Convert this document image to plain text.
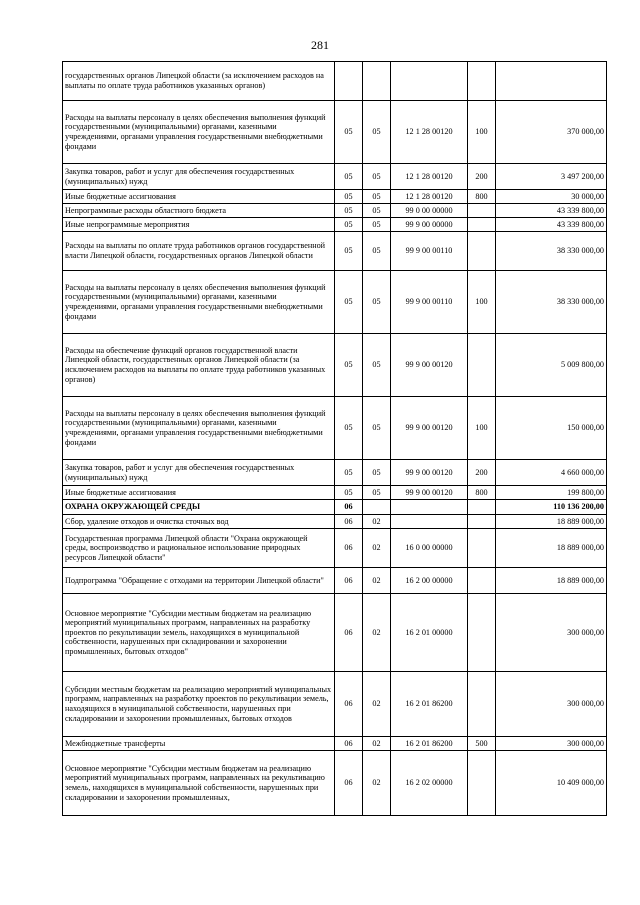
281
государственных органов Липецкой области (за исключением расходов на выплаты по оплате труда работников указанных органов)					
Расходы на выплаты персоналу в целях обеспечения выполнения функций государственными (муниципальными) органами, казенными учреждениями, органами управления государственными внебюджетными фондами	05	05	12 1 28 00120	100	370 000,00
Закупка товаров, работ и услуг для обеспечения государственных (муниципальных) нужд	05	05	12 1 28 00120	200	3 497 200,00
Иные бюджетные ассигнования	05	05	12 1 28 00120	800	30 000,00
Непрограммные расходы областного бюджета	05	05	99 0 00 00000		43 339 800,00
Иные непрограммные мероприятия	05	05	99 9 00 00000		43 339 800,00
Расходы на выплаты по оплате труда работников органов государственной власти Липецкой области, государственных органов Липецкой области	05	05	99 9 00 00110		38 330 000,00
Расходы на выплаты персоналу в целях обеспечения выполнения функций государственными (муниципальными) органами, казенными учреждениями, органами управления государственными внебюджетными фондами	05	05	99 9 00 00110	100	38 330 000,00
Расходы на обеспечение функций органов государственной власти Липецкой области, государственных органов Липецкой области (за исключением расходов на выплаты по оплате труда работников указанных органов)	05	05	99 9 00 00120		5 009 800,00
Расходы на выплаты персоналу в целях обеспечения выполнения функций государственными (муниципальными) органами, казенными учреждениями, органами управления государственными внебюджетными фондами	05	05	99 9 00 00120	100	150 000,00
Закупка товаров, работ и услуг для обеспечения государственных (муниципальных) нужд	05	05	99 9 00 00120	200	4 660 000,00
Иные бюджетные ассигнования	05	05	99 9 00 00120	800	199 800,00
ОХРАНА ОКРУЖАЮЩЕЙ СРЕДЫ	06				110 136 200,00
Сбор, удаление отходов и очистка сточных вод	06	02			18 889 000,00
Государственная программа Липецкой области "Охрана окружающей среды, воспроизводство и рациональное использование природных ресурсов Липецкой области"	06	02	16 0 00 00000		18 889 000,00
Подпрограмма "Обращение с отходами на территории Липецкой области"	06	02	16 2 00 00000		18 889 000,00
Основное мероприятие "Субсидии местным бюджетам на реализацию мероприятий муниципальных программ, направленных на разработку проектов по рекультивации земель, находящихся в муниципальной собственности, нарушенных при складировании и захоронении промышленных, бытовых отходов"	06	02	16 2 01 00000		300 000,00
Субсидии местным бюджетам на реализацию мероприятий муниципальных программ, направленных на разработку проектов по рекультивации земель, находящихся в муниципальной собственности, нарушенных при складировании и захоронении промышленных, бытовых отходов	06	02	16 2 01 86200		300 000,00
Межбюджетные трансферты	06	02	16 2 01 86200	500	300 000,00
Основное мероприятие "Субсидии местным бюджетам на реализацию мероприятий муниципальных программ, направленных на рекультивацию земель, находящихся в муниципальной собственности, нарушенных при складировании и захоронении промышленных,	06	02	16 2 02 00000		10 409 000,00
